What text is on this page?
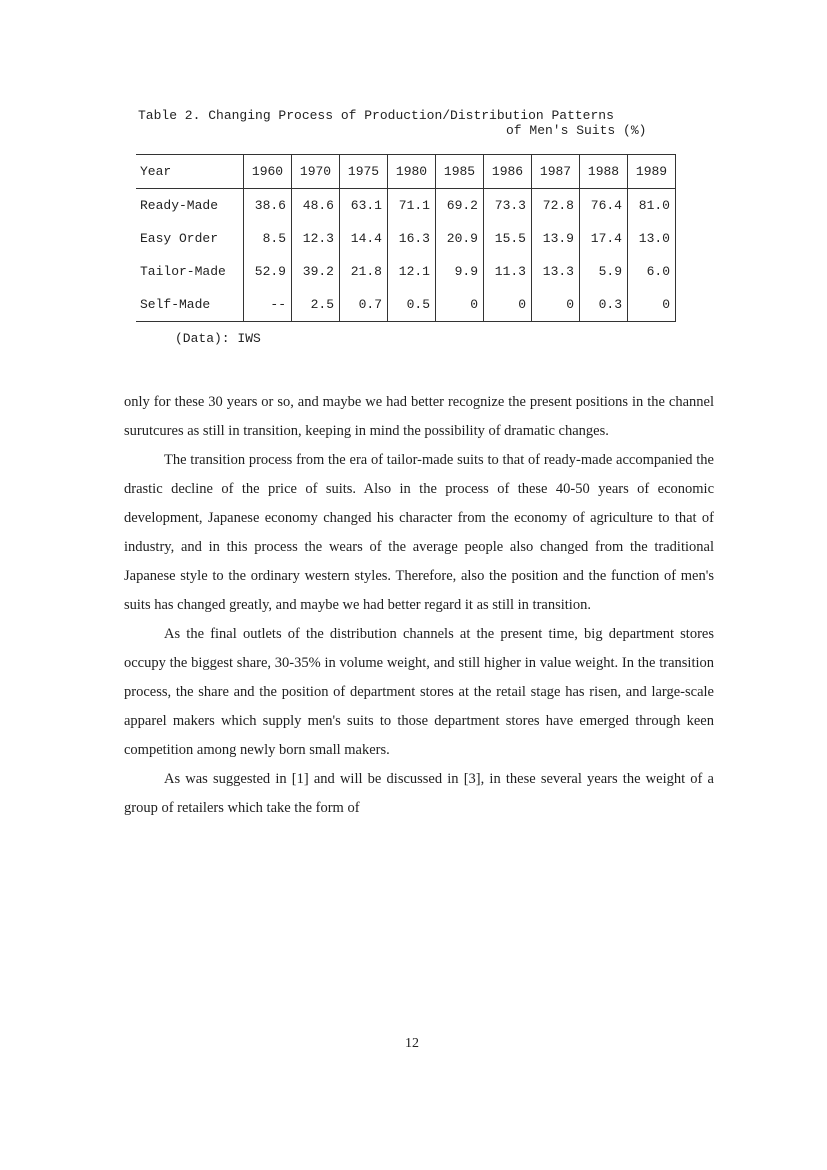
Table 2. Changing Process of Production/Distribution Patterns
of Men's Suits (%)
Year	1960	1970	1975	1980	1985	1986	1987	1988	1989
Ready-Made	38.6	48.6	63.1	71.1	69.2	73.3	72.8	76.4	81.0
Easy Order	8.5	12.3	14.4	16.3	20.9	15.5	13.9	17.4	13.0
Tailor-Made	52.9	39.2	21.8	12.1	9.9	11.3	13.3	5.9	6.0
Self-Made	--	2.5	0.7	0.5	0	0	0	0.3	0
(Data): IWS

only for these 30 years or so, and maybe we had better recognize the present positions in the channel surutcures as still in transition, keeping in mind the possibility of dramatic changes.

The transition process from the era of tailor-made suits to that of ready-made accompanied the drastic decline of the price of suits. Also in the process of these 40-50 years of economic development, Japanese economy changed his character from the economy of agriculture to that of industry, and in this process the wears of the average people also changed from the traditional Japanese style to the ordinary western styles. Therefore, also the position and the function of men's suits has changed greatly, and maybe we had better regard it as still in transition.

As the final outlets of the distribution channels at the present time, big department stores occupy the biggest share, 30-35% in volume weight, and still higher in value weight. In the transition process, the share and the position of department stores at the retail stage has risen, and large-scale apparel makers which supply men's suits to those department stores have emerged through keen competition among newly born small makers.

As was suggested in [1] and will be discussed in [3], in these several years the weight of a group of retailers which take the form of

12
